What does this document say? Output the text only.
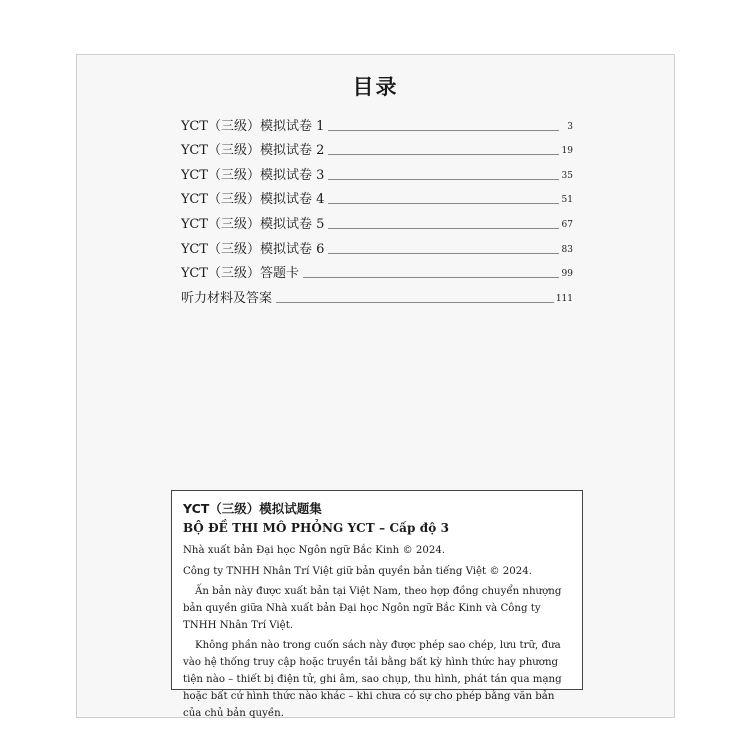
目录
YCT（三级）模拟试卷 1	3
YCT（三级）模拟试卷 2	19
YCT（三级）模拟试卷 3	35
YCT（三级）模拟试卷 4	51
YCT（三级）模拟试卷 5	67
YCT（三级）模拟试卷 6	83
YCT（三级）答题卡	99
听力材料及答案	111
YCT（三级）模拟试题集
BỘ ĐỀ THI MÔ PHỎNG YCT – Cấp độ 3
Nhà xuất bản Đại học Ngôn ngữ Bắc Kinh © 2024.
Công ty TNHH Nhân Trí Việt giữ bản quyền bản tiếng Việt © 2024.
Ấn bản này được xuất bản tại Việt Nam, theo hợp đồng chuyển nhượng bản quyền giữa Nhà xuất bản Đại học Ngôn ngữ Bắc Kinh và Công ty TNHH Nhân Trí Việt.
Không phần nào trong cuốn sách này được phép sao chép, lưu trữ, đưa vào hệ thống truy cập hoặc truyền tải bằng bất kỳ hình thức hay phương tiện nào – thiết bị điện tử, ghi âm, sao chụp, thu hình, phát tán qua mạng hoặc bất cứ hình thức nào khác – khi chưa có sự cho phép bằng văn bản của chủ bản quyền.
